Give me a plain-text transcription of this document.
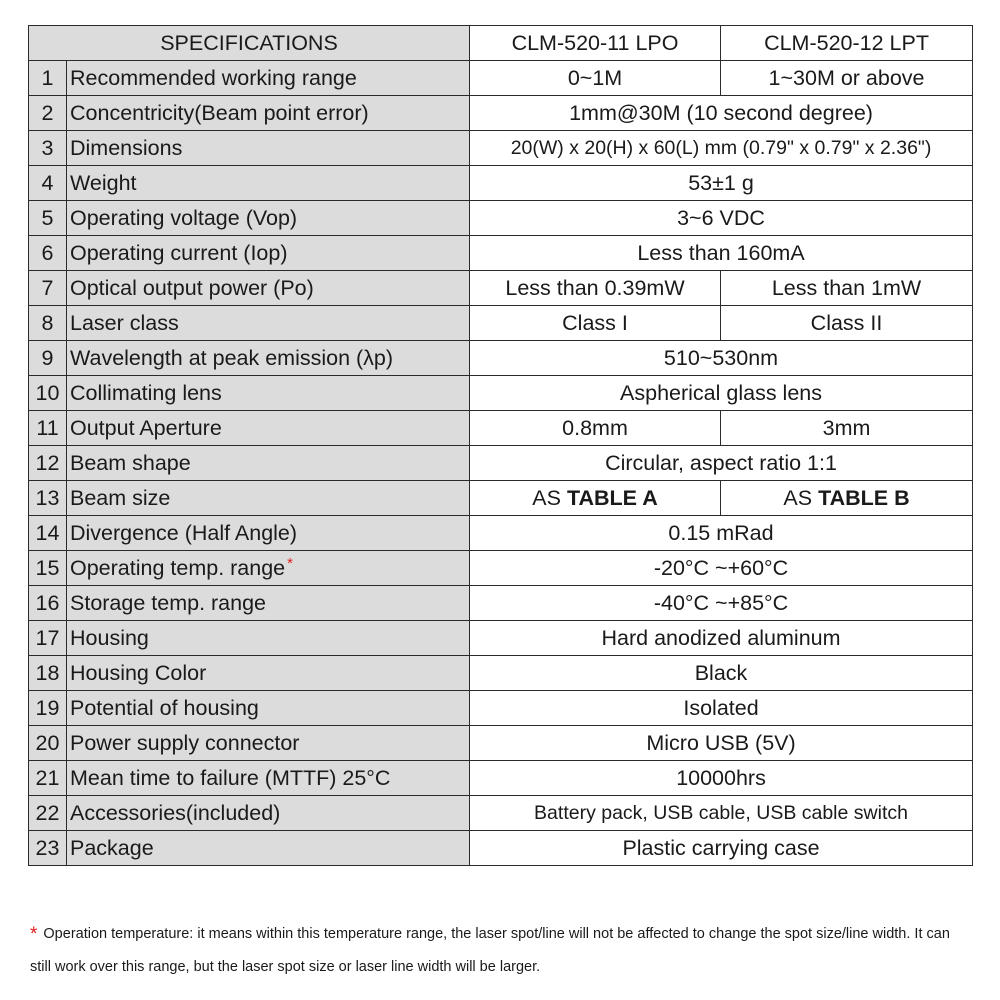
SPECIFICATIONS		CLM-520-11 LPO	CLM-520-12 LPT
1	Recommended working range	0~1M	1~30M or above
2	Concentricity(Beam point error)	1mm@30M (10 second degree)	
3	Dimensions	20(W) x 20(H) x 60(L) mm (0.79" x 0.79" x 2.36")	
4	Weight	53±1 g	
5	Operating voltage (Vop)	3~6 VDC	
6	Operating current (Iop)	Less than 160mA	
7	Optical output power (Po)	Less than 0.39mW	Less than 1mW
8	Laser class	Class I	Class II
9	Wavelength at peak emission (λp)	510~530nm	
10	Collimating lens	Aspherical glass lens	
11	Output Aperture	0.8mm	3mm
12	Beam shape	Circular, aspect ratio 1:1	
13	Beam size	AS TABLE A	AS TABLE B
14	Divergence (Half Angle)	0.15 mRad	
15	Operating temp. range *	-20°C ~+60°C	
16	Storage temp. range	-40°C ~+85°C	
17	Housing	Hard anodized aluminum	
18	Housing Color	Black	
19	Potential of housing	Isolated	
20	Power supply connector	Micro USB (5V)	
21	Mean time to failure (MTTF) 25°C	10000hrs	
22	Accessories(included)	Battery pack, USB cable, USB cable switch	
23	Package	Plastic carrying case	
* Operation temperature: it means within this temperature range, the laser spot/line will not be affected to change the spot size/line width. It can still work over this range, but the laser spot size or laser line width will be larger.
